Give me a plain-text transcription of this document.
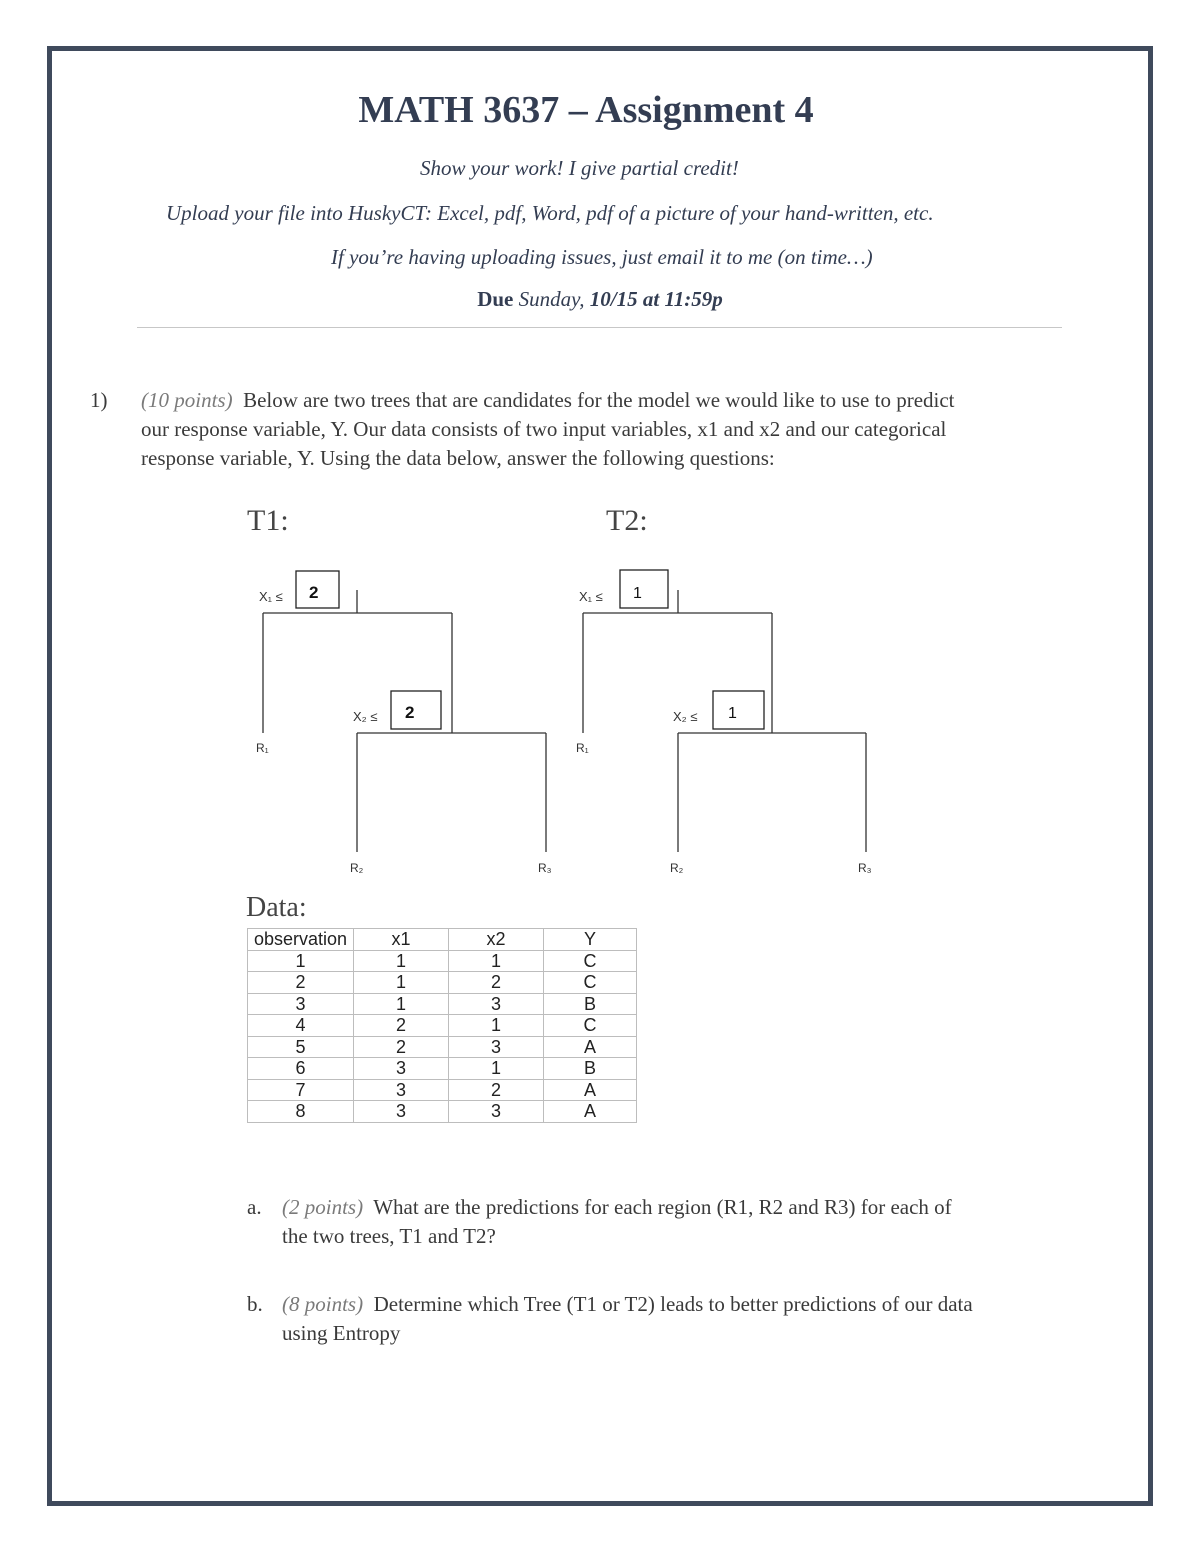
MATH 3637 – Assignment 4
Show your work! I give partial credit!
Upload your file into HuskyCT: Excel, pdf, Word, pdf of a picture of your hand-written, etc.
If you’re having uploading issues, just email it to me (on time…)
Due Sunday, 10/15 at 11:59p
1) (10 points) Below are two trees that are candidates for the model we would like to use to predict
our response variable, Y. Our data consists of two input variables, x1 and x2 and our categorical
response variable, Y. Using the data below, answer the following questions:
T1:	T2:
X₁ ≤
X₂ ≤
R₁
R₂	R₃
2
2
X₁ ≤
X₂ ≤
R₁
R₂	R₃
1
1
Data:
observation	x1	x2	Y
1	1	1	C
2	1	2	C
3	1	3	B
4	2	1	C
5	2	3	A
6	3	1	B
7	3	2	A
8	3	3	A
a. (2 points) What are the predictions for each region (R1, R2 and R3) for each of
the two trees, T1 and T2?
b. (8 points) Determine which Tree (T1 or T2) leads to better predictions of our data
using Entropy
